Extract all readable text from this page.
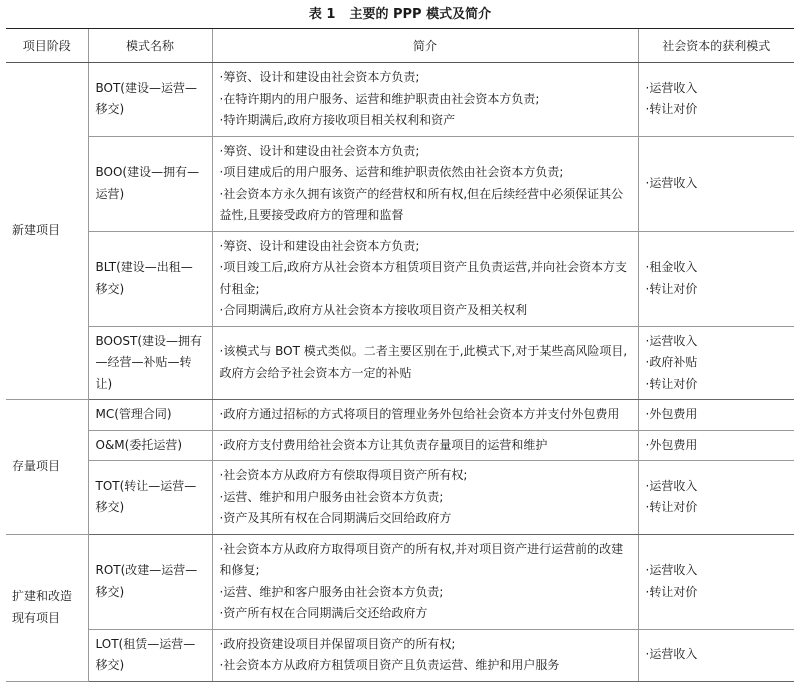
表 1 主要的 PPP 模式及简介
项目阶段	模式名称	简介	社会资本的获利模式
新建项目	BOT(建设—运营—移交)	·筹资、设计和建设由社会资本方负责;
·在特许期内的用户服务、运营和维护职责由社会资本方负责;
·特许期满后,政府方接收项目相关权利和资产	·运营收入
·转让对价

	BOO(建设—拥有—运营)	·筹资、设计和建设由社会资本方负责;
·项目建成后的用户服务、运营和维护职责依然由社会资本方负责;
·社会资本方永久拥有该资产的经营权和所有权,但在后续经营中必须保证其公益性,且要接受政府方的管理和监督	·运营收入

	BLT(建设—出租—移交)	·筹资、设计和建设由社会资本方负责;
·项目竣工后,政府方从社会资本方租赁项目资产且负责运营,并向社会资本方支付租金;
·合同期满后,政府方从社会资本方接收项目资产及相关权利	·租金收入
·转让对价

	BOOST(建设—拥有—经营—补贴—转让)	·该模式与 BOT 模式类似。二者主要区别在于,此模式下,对于某些高风险项目,政府方会给予社会资本方一定的补贴	·运营收入
·政府补贴
·转让对价

存量项目	MC(管理合同)	·政府方通过招标的方式将项目的管理业务外包给社会资本方并支付外包费用	·外包费用

	O&M(委托运营)	·政府方支付费用给社会资本方让其负责存量项目的运营和维护	·外包费用

	TOT(转让—运营—移交)	·社会资本方从政府方有偿取得项目资产所有权;
·运营、维护和用户服务由社会资本方负责;
·资产及其所有权在合同期满后交回给政府方	·运营收入
·转让对价

扩建和改造现有项目	ROT(改建—运营—移交)	·社会资本方从政府方取得项目资产的所有权,并对项目资产进行运营前的改建和修复;
·运营、维护和客户服务由社会资本方负责;
·资产所有权在合同期满后交还给政府方	·运营收入
·转让对价

	LOT(租赁—运营—移交)	·政府投资建设项目并保留项目资产的所有权;
·社会资本方从政府方租赁项目资产且负责运营、维护和用户服务	·运营收入
